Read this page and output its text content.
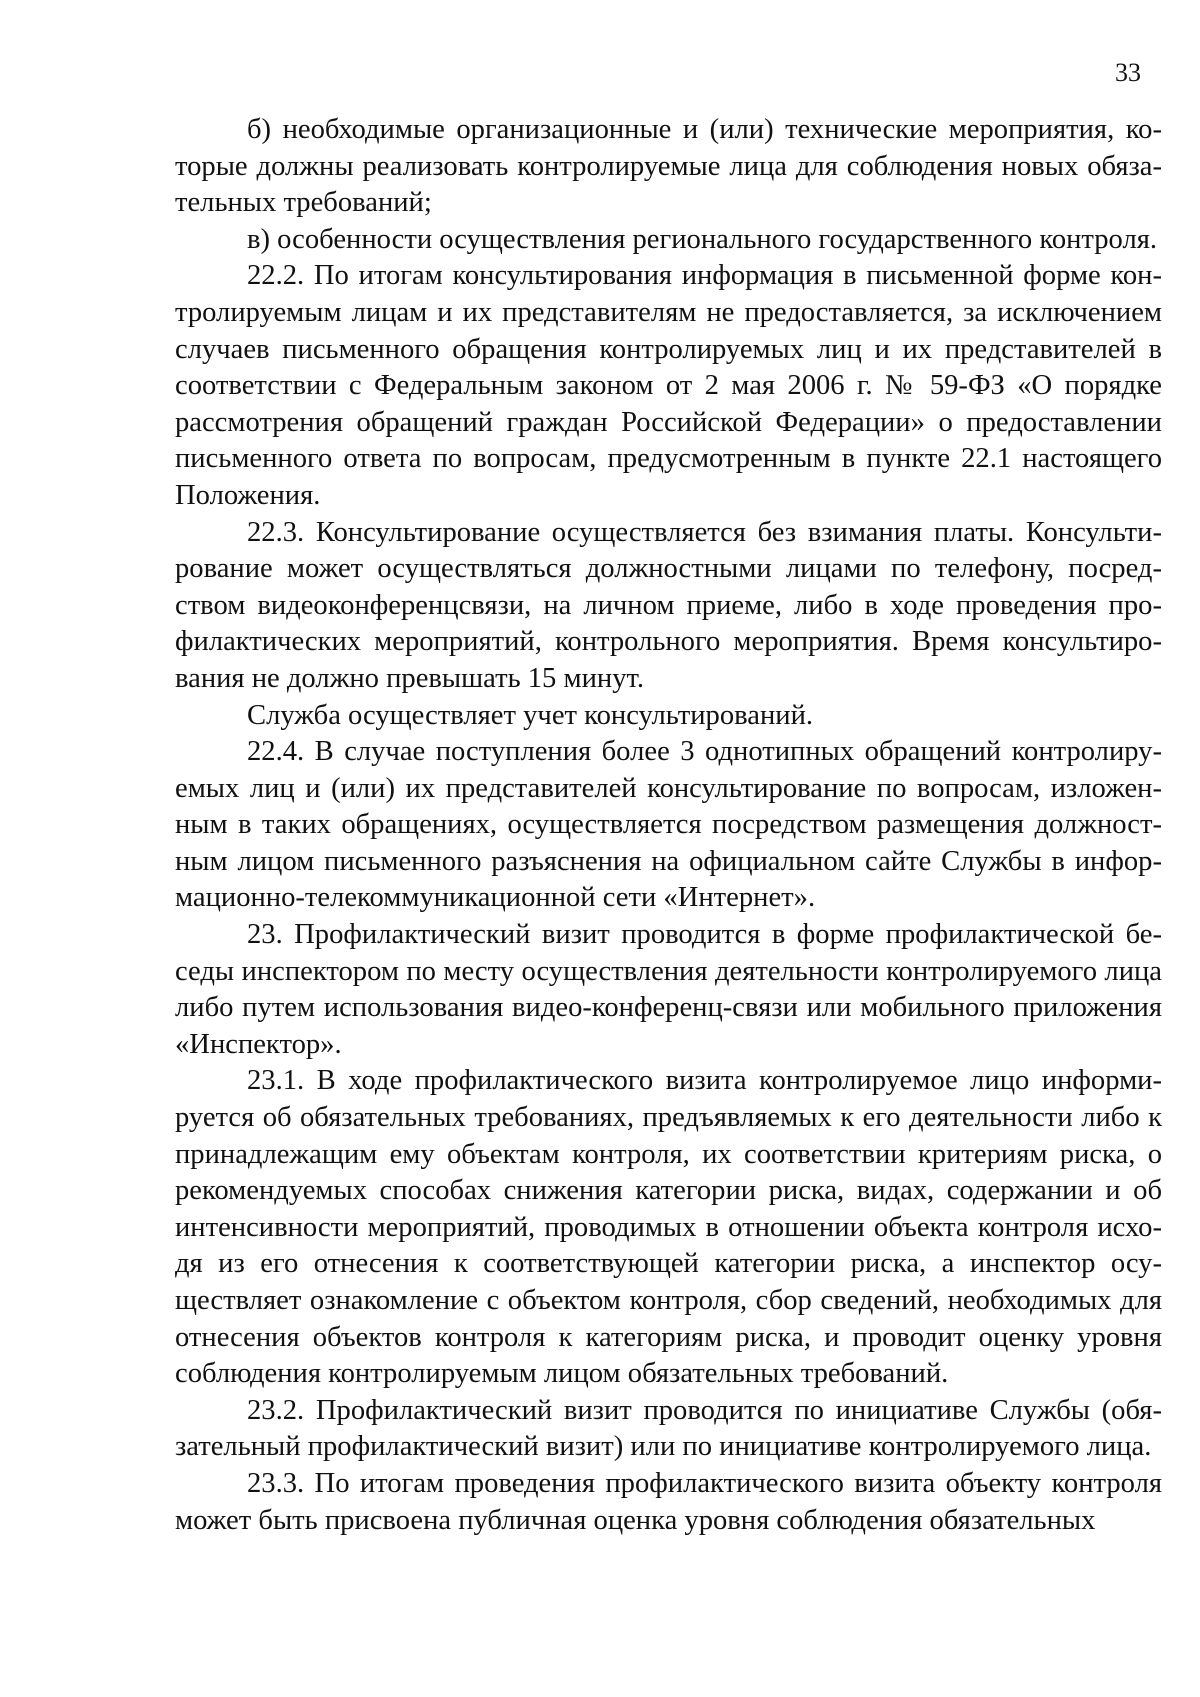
33

б) необходимые организационные и (или) технические мероприятия, которые должны реализовать контролируемые лица для соблюдения новых обязательных требований;

в) особенности осуществления регионального государственного контроля.

22.2. По итогам консультирования информация в письменной форме контролируемым лицам и их представителям не предоставляется, за исключением случаев письменного обращения контролируемых лиц и их представителей в соответствии с Федеральным законом от 2 мая 2006 г. № 59-ФЗ «О порядке рассмотрения обращений граждан Российской Федерации» о предоставлении письменного ответа по вопросам, предусмотренным в пункте 22.1 настоящего Положения.

22.3. Консультирование осуществляется без взимания платы. Консультирование может осуществляться должностными лицами по телефону, посредством видеоконференцсвязи, на личном приеме, либо в ходе проведения профилактических мероприятий, контрольного мероприятия. Время консультирования не должно превышать 15 минут.

Служба осуществляет учет консультирований.

22.4. В случае поступления более 3 однотипных обращений контролируемых лиц и (или) их представителей консультирование по вопросам, изложенным в таких обращениях, осуществляется посредством размещения должностным лицом письменного разъяснения на официальном сайте Службы в информационно-телекоммуникационной сети «Интернет».

23. Профилактический визит проводится в форме профилактической беседы инспектором по месту осуществления деятельности контролируемого лица либо путем использования видео-конференц-связи или мобильного приложения «Инспектор».

23.1. В ходе профилактического визита контролируемое лицо информируется об обязательных требованиях, предъявляемых к его деятельности либо к принадлежащим ему объектам контроля, их соответствии критериям риска, о рекомендуемых способах снижения категории риска, видах, содержании и об интенсивности мероприятий, проводимых в отношении объекта контроля исходя из его отнесения к соответствующей категории риска, а инспектор осуществляет ознакомление с объектом контроля, сбор сведений, необходимых для отнесения объектов контроля к категориям риска, и проводит оценку уровня соблюдения контролируемым лицом обязательных требований.

23.2. Профилактический визит проводится по инициативе Службы (обязательный профилактический визит) или по инициативе контролируемого лица.

23.3. По итогам проведения профилактического визита объекту контроля может быть присвоена публичная оценка уровня соблюдения обязательных
